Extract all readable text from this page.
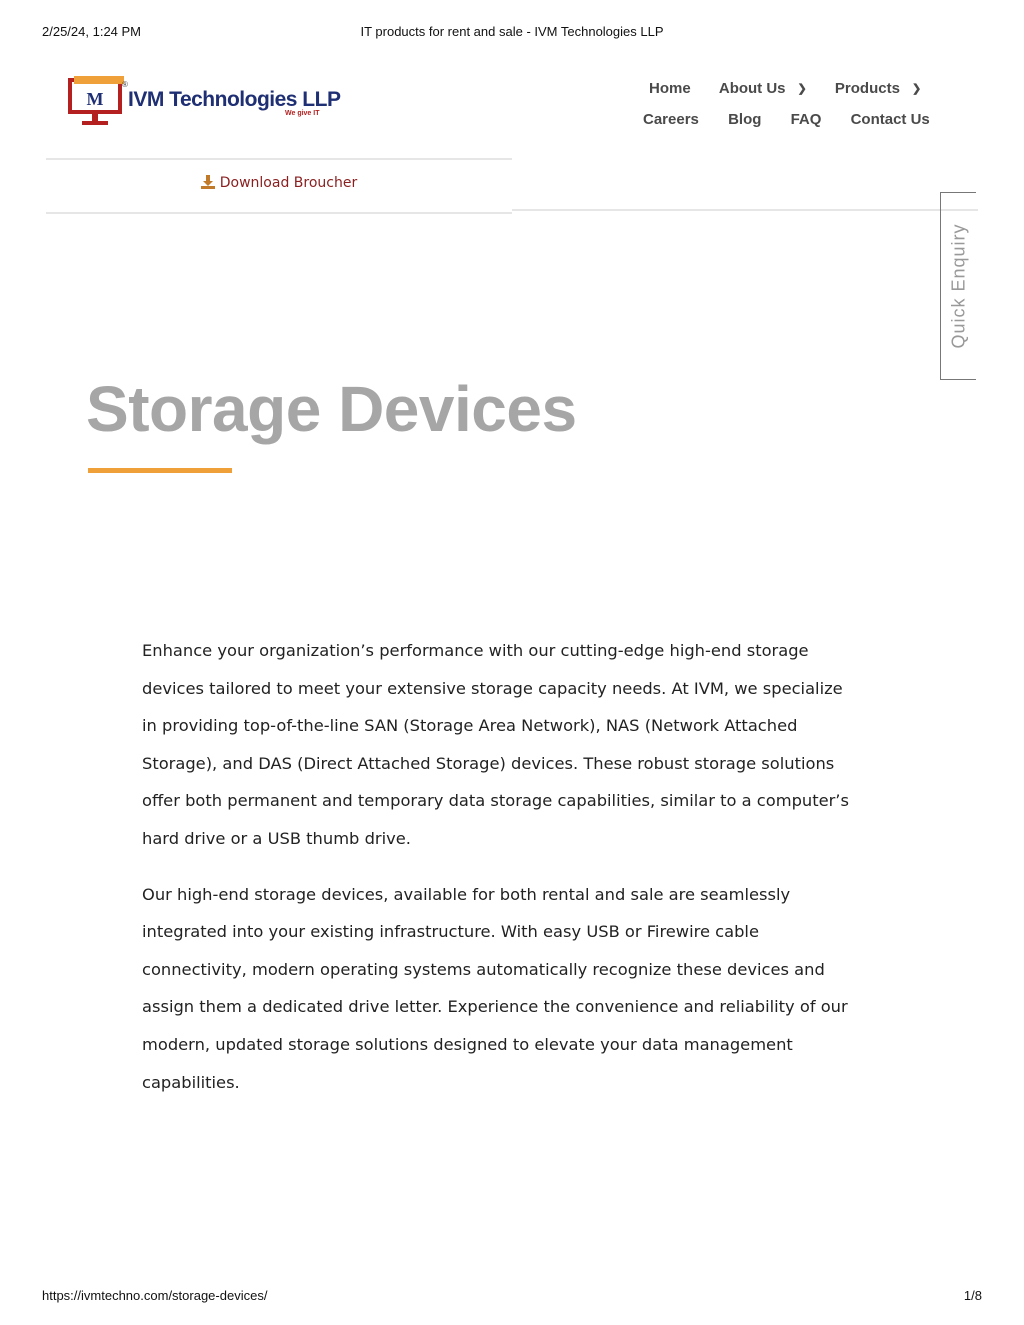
2/25/24, 1:24 PM	IT products for rent and sale - IVM Technologies LLP
M
®
IVM Technologies LLP
We give IT
Home About Us ❯ Products ❯
Careers Blog FAQ Contact Us
Download Broucher
Quick Enquiry
Storage Devices

Enhance your organization’s performance with our cutting-edge high-end storage devices tailored to meet your extensive storage capacity needs. At IVM, we specialize in providing top-of-the-line SAN (Storage Area Network), NAS (Network Attached Storage), and DAS (Direct Attached Storage) devices. These robust storage solutions offer both permanent and temporary data storage capabilities, similar to a computer’s hard drive or a USB thumb drive.

Our high-end storage devices, available for both rental and sale are seamlessly integrated into your existing infrastructure. With easy USB or Firewire cable connectivity, modern operating systems automatically recognize these devices and assign them a dedicated drive letter. Experience the convenience and reliability of our modern, updated storage solutions designed to elevate your data management capabilities.

https://ivmtechno.com/storage-devices/	1/8
